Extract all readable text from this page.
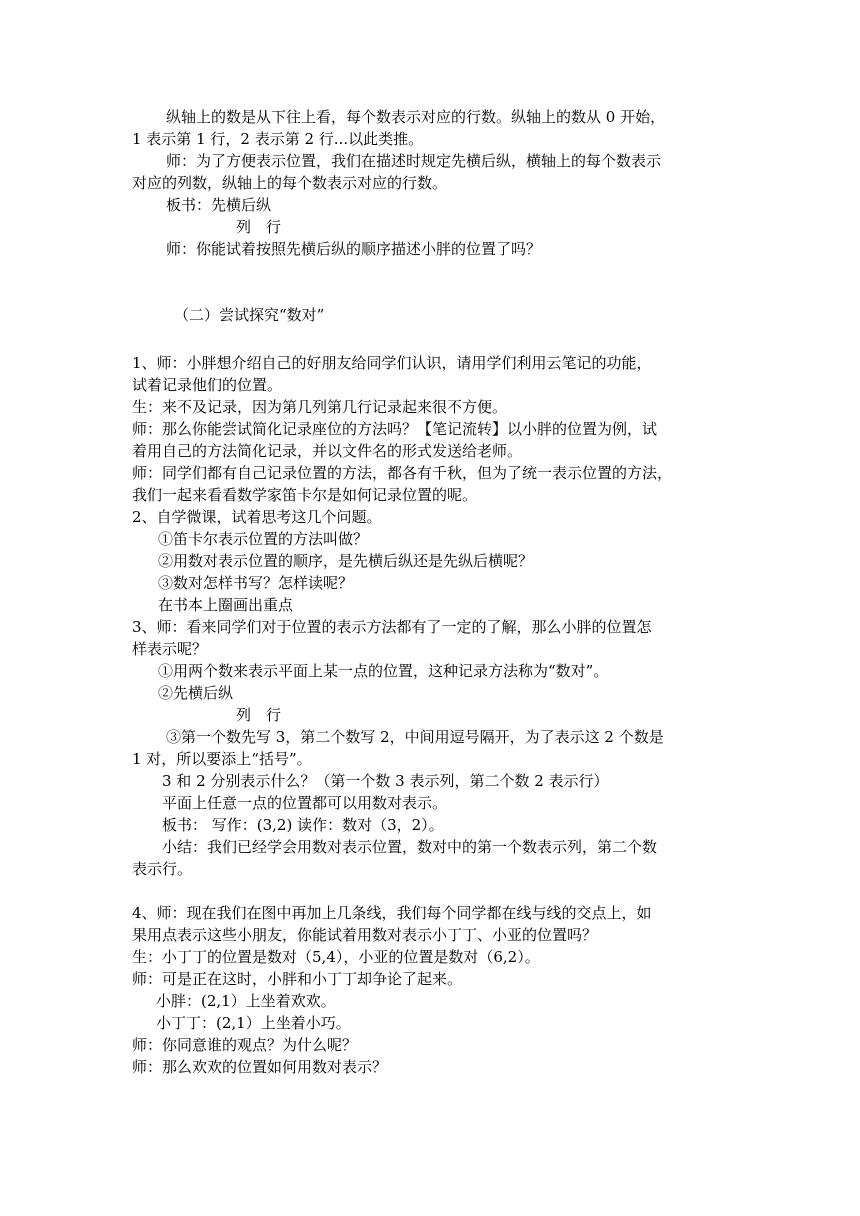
纵轴上的数是从下往上看，每个数表示对应的行数。纵轴上的数从 0 开始，
1 表示第 1 行，2 表示第 2 行...以此类推。
师：为了方便表示位置，我们在描述时规定先横后纵，横轴上的每个数表示
对应的列数，纵轴上的每个数表示对应的行数。
板书：先横后纵
列　行
师：你能试着按照先横后纵的顺序描述小胖的位置了吗？
（二）尝试探究“数对”
1、师：小胖想介绍自己的好朋友给同学们认识，请用学们利用云笔记的功能，
试着记录他们的位置。
生：来不及记录，因为第几列第几行记录起来很不方便。
师：那么你能尝试简化记录座位的方法吗？【笔记流转】以小胖的位置为例，试
着用自己的方法简化记录，并以文件名的形式发送给老师。
师：同学们都有自己记录位置的方法，都各有千秋，但为了统一表示位置的方法，
我们一起来看看数学家笛卡尔是如何记录位置的呢。
2、自学微课，试着思考这几个问题。
①笛卡尔表示位置的方法叫做？
②用数对表示位置的顺序，是先横后纵还是先纵后横呢？
③数对怎样书写？怎样读呢？
在书本上圈画出重点
3、师：看来同学们对于位置的表示方法都有了一定的了解，那么小胖的位置怎
样表示呢？
①用两个数来表示平面上某一点的位置，这种记录方法称为“数对”。
②先横后纵
列　行
③第一个数先写 3，第二个数写 2，中间用逗号隔开，为了表示这 2 个数是
1 对，所以要添上“括号”。
3 和 2 分别表示什么？（第一个数 3 表示列，第二个数 2 表示行）
平面上任意一点的位置都可以用数对表示。
板书： 写作：(3,2) 读作：数对（3，2）。
小结：我们已经学会用数对表示位置，数对中的第一个数表示列，第二个数
表示行。
4、师：现在我们在图中再加上几条线，我们每个同学都在线与线的交点上，如
果用点表示这些小朋友，你能试着用数对表示小丁丁、小亚的位置吗？
生：小丁丁的位置是数对（5,4），小亚的位置是数对（6,2）。
师：可是正在这时，小胖和小丁丁却争论了起来。
小胖：(2,1）上坐着欢欢。
小丁丁：(2,1）上坐着小巧。
师：你同意谁的观点？为什么呢？
师：那么欢欢的位置如何用数对表示？
